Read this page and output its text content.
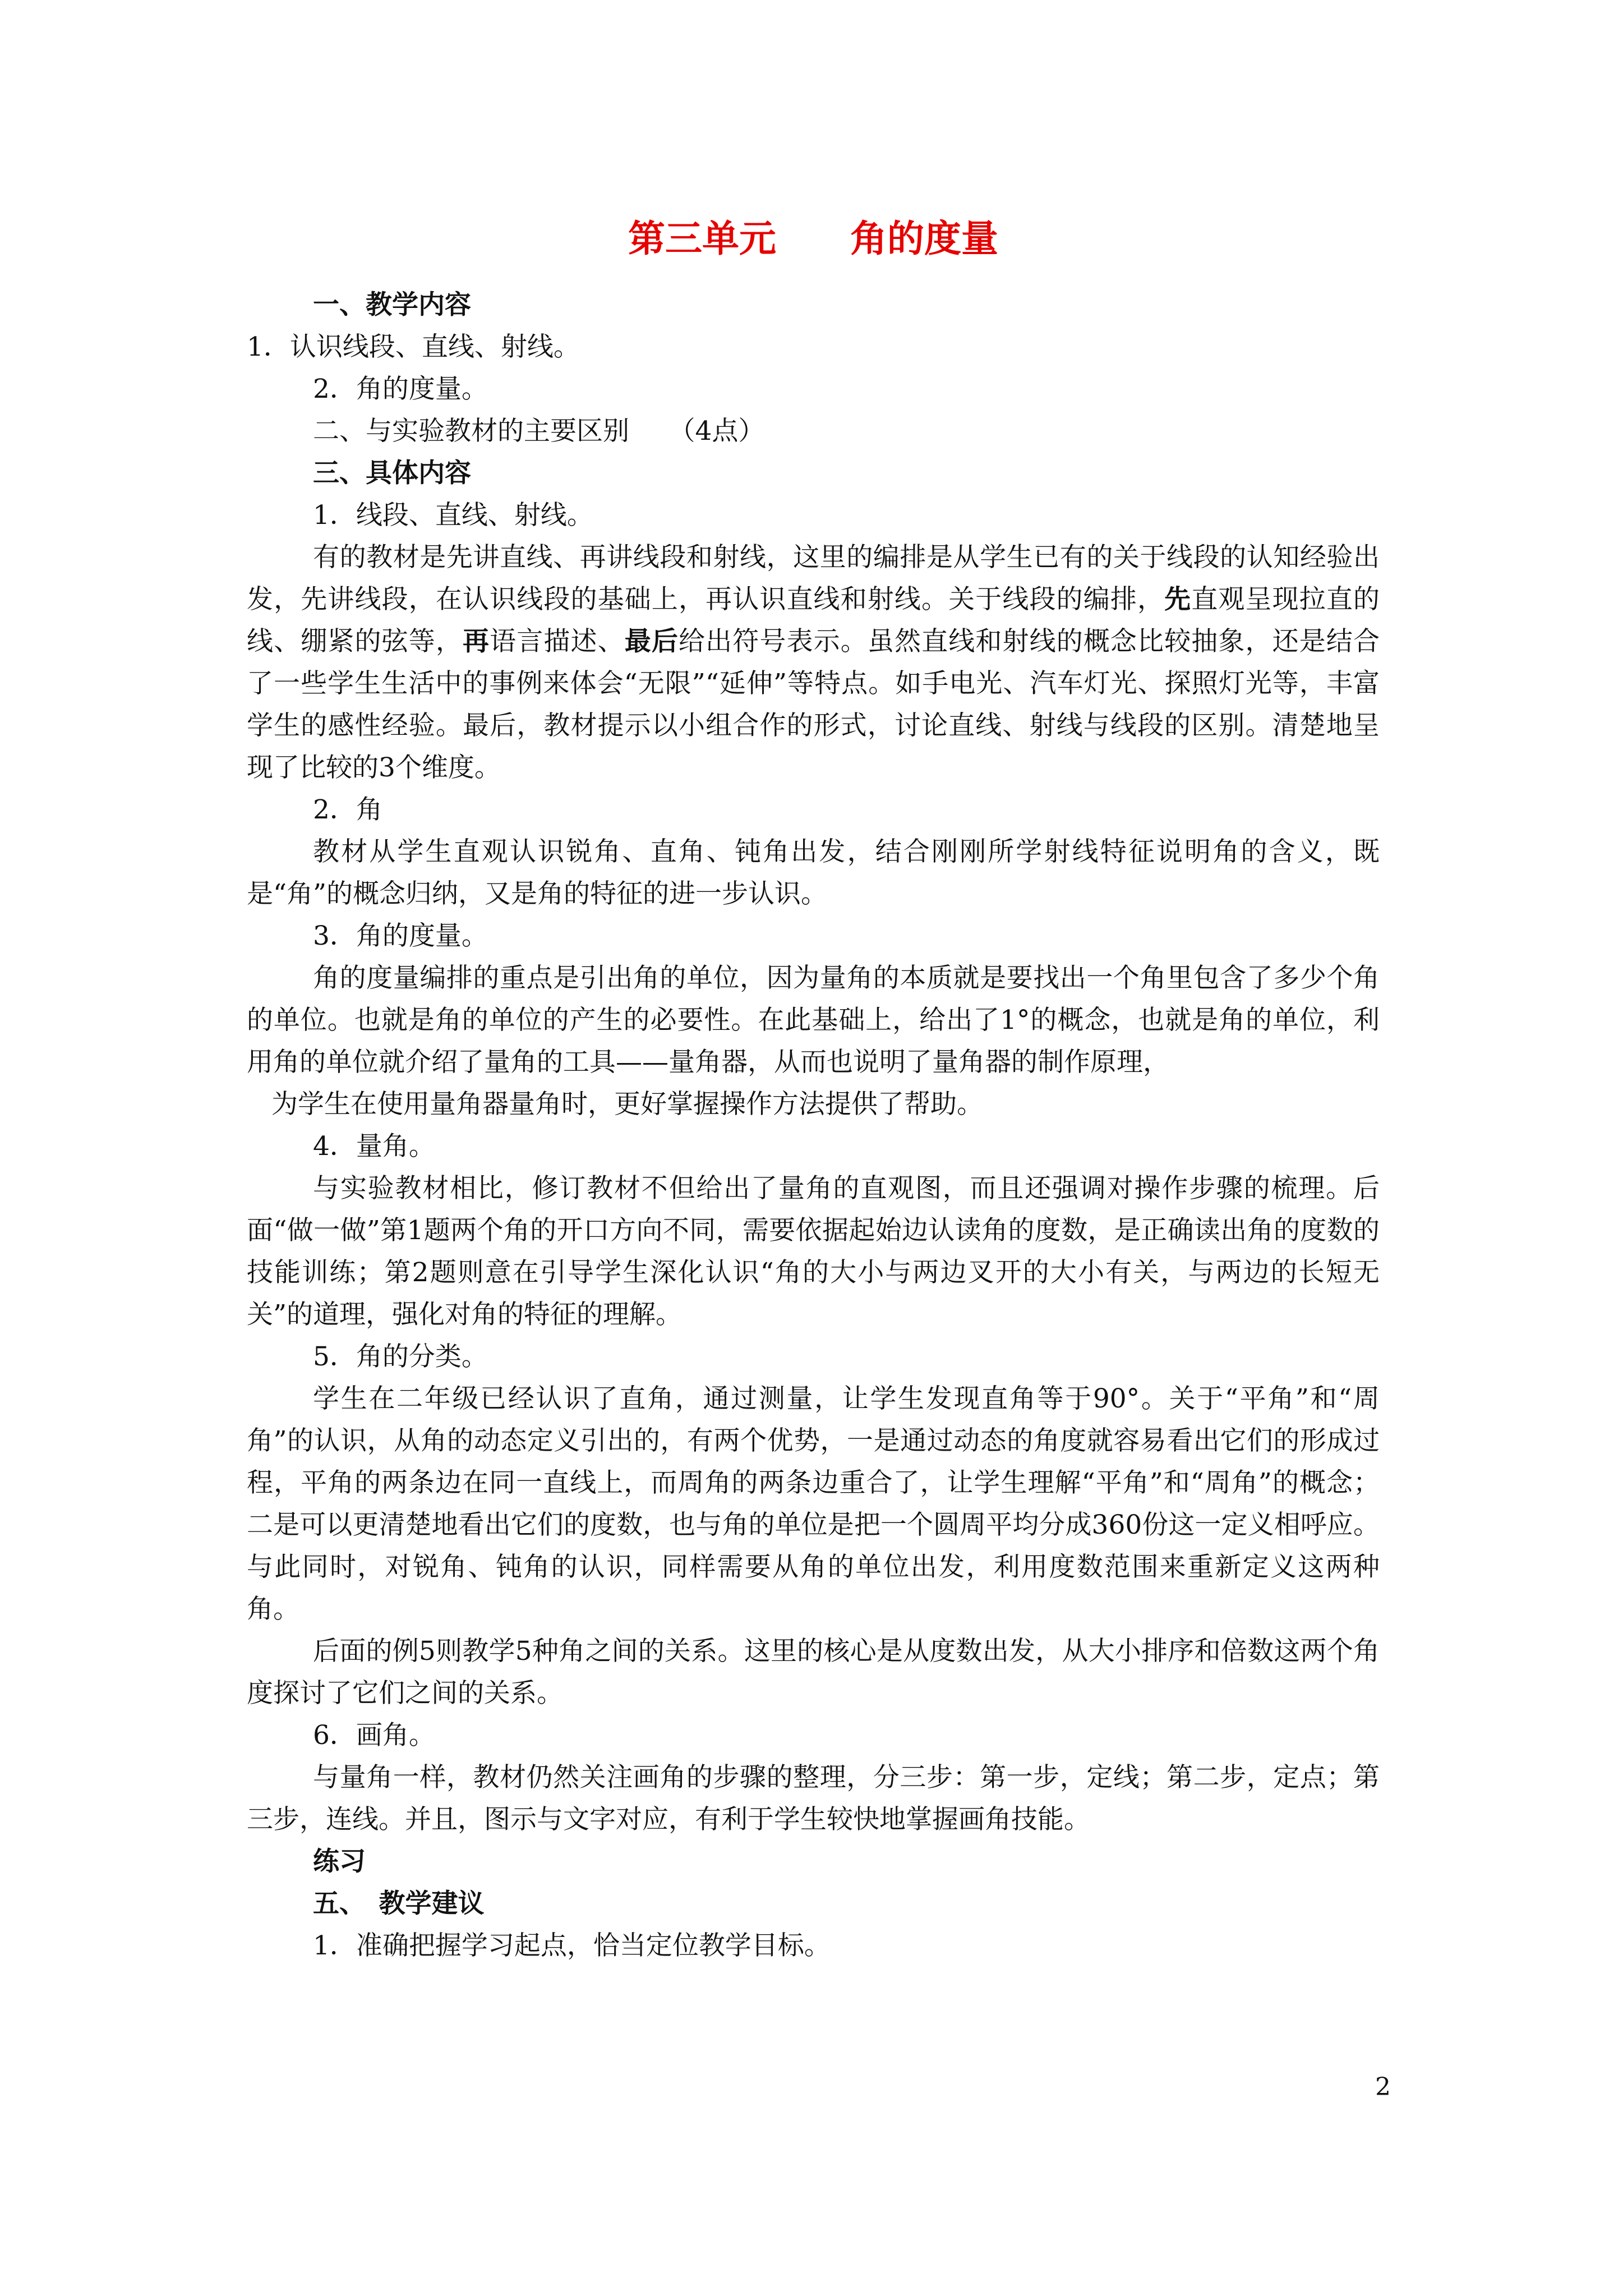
第三单元　　角的度量

一、教学内容

1．认识线段、直线、射线。

2．角的度量。

二、与实验教材的主要区别　　（4点）

三、具体内容

1．线段、直线、射线。

有的教材是先讲直线、再讲线段和射线，这里的编排是从学生已有的关于线段的认知经验出发，先讲线段，在认识线段的基础上，再认识直线和射线。关于线段的编排，先直观呈现拉直的线、绷紧的弦等，再语言描述、最后给出符号表示。虽然直线和射线的概念比较抽象，还是结合了一些学生生活中的事例来体会“无限”“延伸”等特点。如手电光、汽车灯光、探照灯光等，丰富学生的感性经验。最后，教材提示以小组合作的形式，讨论直线、射线与线段的区别。清楚地呈现了比较的3个维度。

2．角

教材从学生直观认识锐角、直角、钝角出发，结合刚刚所学射线特征说明角的含义，既是“角”的概念归纳，又是角的特征的进一步认识。

3．角的度量。

角的度量编排的重点是引出角的单位，因为量角的本质就是要找出一个角里包含了多少个角的单位。也就是角的单位的产生的必要性。在此基础上，给出了1°的概念，也就是角的单位，利用角的单位就介绍了量角的工具——量角器，从而也说明了量角器的制作原理，

为学生在使用量角器量角时，更好掌握操作方法提供了帮助。

4．量角。

与实验教材相比，修订教材不但给出了量角的直观图，而且还强调对操作步骤的梳理。后面“做一做”第1题两个角的开口方向不同，需要依据起始边认读角的度数，是正确读出角的度数的技能训练；第2题则意在引导学生深化认识“角的大小与两边叉开的大小有关，与两边的长短无关”的道理，强化对角的特征的理解。

5．角的分类。

学生在二年级已经认识了直角，通过测量，让学生发现直角等于90°。关于“平角”和“周角”的认识，从角的动态定义引出的，有两个优势，一是通过动态的角度就容易看出它们的形成过程，平角的两条边在同一直线上，而周角的两条边重合了，让学生理解“平角”和“周角”的概念；二是可以更清楚地看出它们的度数，也与角的单位是把一个圆周平均分成360份这一定义相呼应。与此同时，对锐角、钝角的认识，同样需要从角的单位出发，利用度数范围来重新定义这两种角。

后面的例5则教学5种角之间的关系。这里的核心是从度数出发，从大小排序和倍数这两个角度探讨了它们之间的关系。

6．画角。

与量角一样，教材仍然关注画角的步骤的整理，分三步：第一步，定线；第二步，定点；第三步，连线。并且，图示与文字对应，有利于学生较快地掌握画角技能。

练习

五、　教学建议

1．准确把握学习起点，恰当定位教学目标。

2
